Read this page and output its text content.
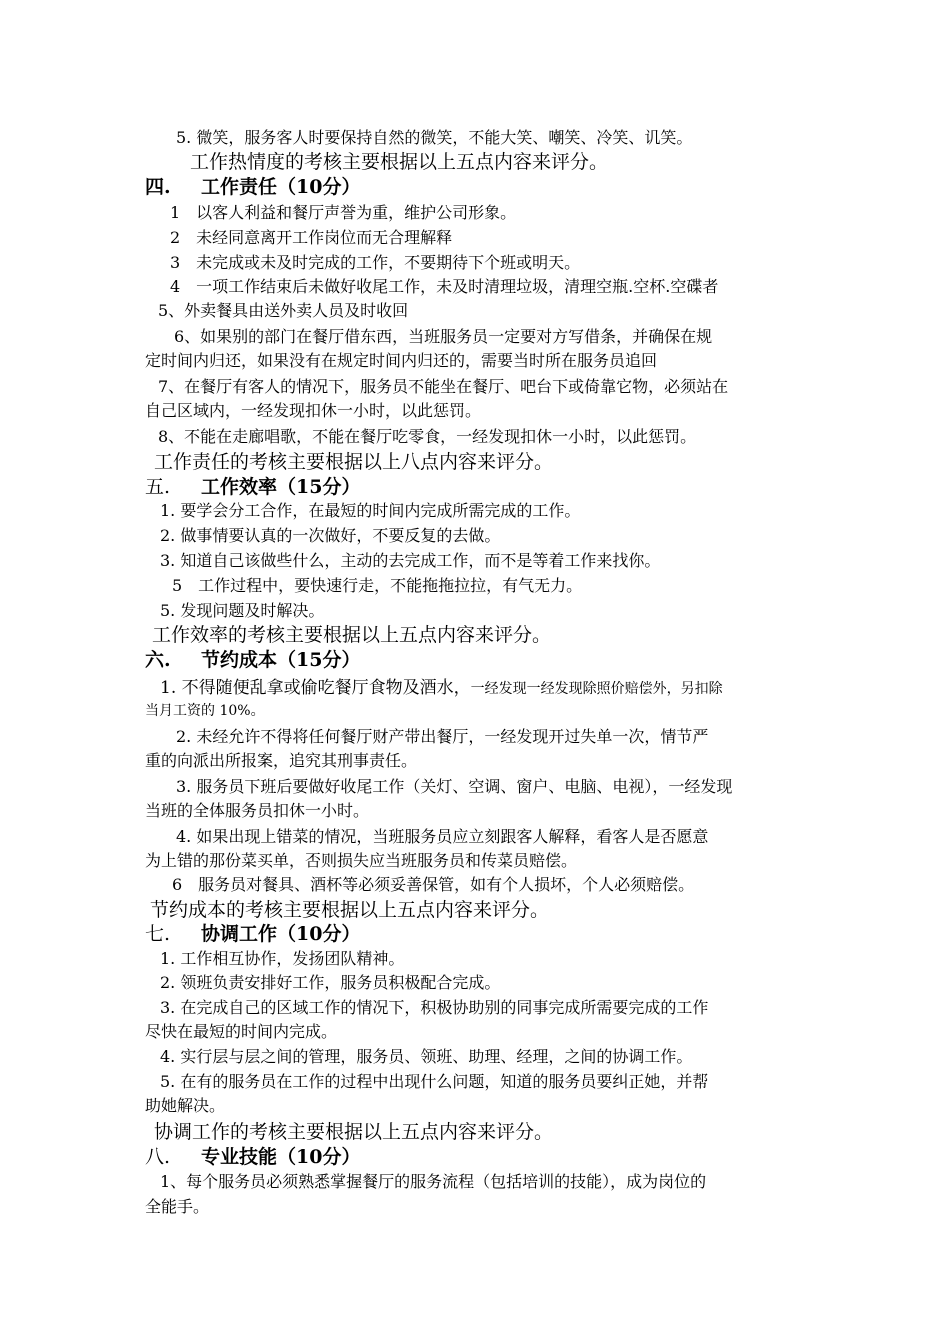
5. 微笑，服务客人时要保持自然的微笑，不能大笑、嘲笑、冷笑、讥笑。
工作热情度的考核主要根据以上五点内容来评分。
四. 工作责任（10分）
1　以客人利益和餐厅声誉为重，维护公司形象。
2　未经同意离开工作岗位而无合理解释
3　未完成或未及时完成的工作，不要期待下个班或明天。
4　一项工作结束后未做好收尾工作，未及时清理垃圾，清理空瓶.空杯.空碟者
5、外卖餐具由送外卖人员及时收回
6、如果别的部门在餐厅借东西，当班服务员一定要对方写借条，并确保在规
定时间内归还，如果没有在规定时间内归还的，需要当时所在服务员追回
7、在餐厅有客人的情况下，服务员不能坐在餐厅、吧台下或倚靠它物，必须站在
自己区域内，一经发现扣休一小时，以此惩罚。
8、不能在走廊唱歌，不能在餐厅吃零食，一经发现扣休一小时，以此惩罚。
工作责任的考核主要根据以上八点内容来评分。
五. 工作效率（15分）
1. 要学会分工合作，在最短的时间内完成所需完成的工作。
2. 做事情要认真的一次做好，不要反复的去做。
3. 知道自己该做些什么，主动的去完成工作，而不是等着工作来找你。
5　工作过程中，要快速行走，不能拖拖拉拉，有气无力。
5. 发现问题及时解决。
工作效率的考核主要根据以上五点内容来评分。
六. 节约成本（15分）
1. 不得随便乱拿或偷吃餐厅食物及酒水，一经发现一经发现除照价赔偿外，另扣除
当月工资的 10%。
2. 未经允许不得将任何餐厅财产带出餐厅，一经发现开过失单一次，情节严
重的向派出所报案，追究其刑事责任。
3. 服务员下班后要做好收尾工作（关灯、空调、窗户、电脑、电视），一经发现
当班的全体服务员扣休一小时。
4. 如果出现上错菜的情况，当班服务员应立刻跟客人解释，看客人是否愿意
为上错的那份菜买单，否则损失应当班服务员和传菜员赔偿。
6　服务员对餐具、酒杯等必须妥善保管，如有个人损坏，个人必须赔偿。
节约成本的考核主要根据以上五点内容来评分。
七. 协调工作（10分）
1. 工作相互协作，发扬团队精神。
2. 领班负责安排好工作，服务员积极配合完成。
3. 在完成自己的区域工作的情况下，积极协助别的同事完成所需要完成的工作
尽快在最短的时间内完成。
4. 实行层与层之间的管理，服务员、领班、助理、经理，之间的协调工作。
5. 在有的服务员在工作的过程中出现什么问题，知道的服务员要纠正她，并帮
助她解决。
协调工作的考核主要根据以上五点内容来评分。
八. 专业技能（10分）
1、每个服务员必须熟悉掌握餐厅的服务流程（包括培训的技能），成为岗位的
全能手。
